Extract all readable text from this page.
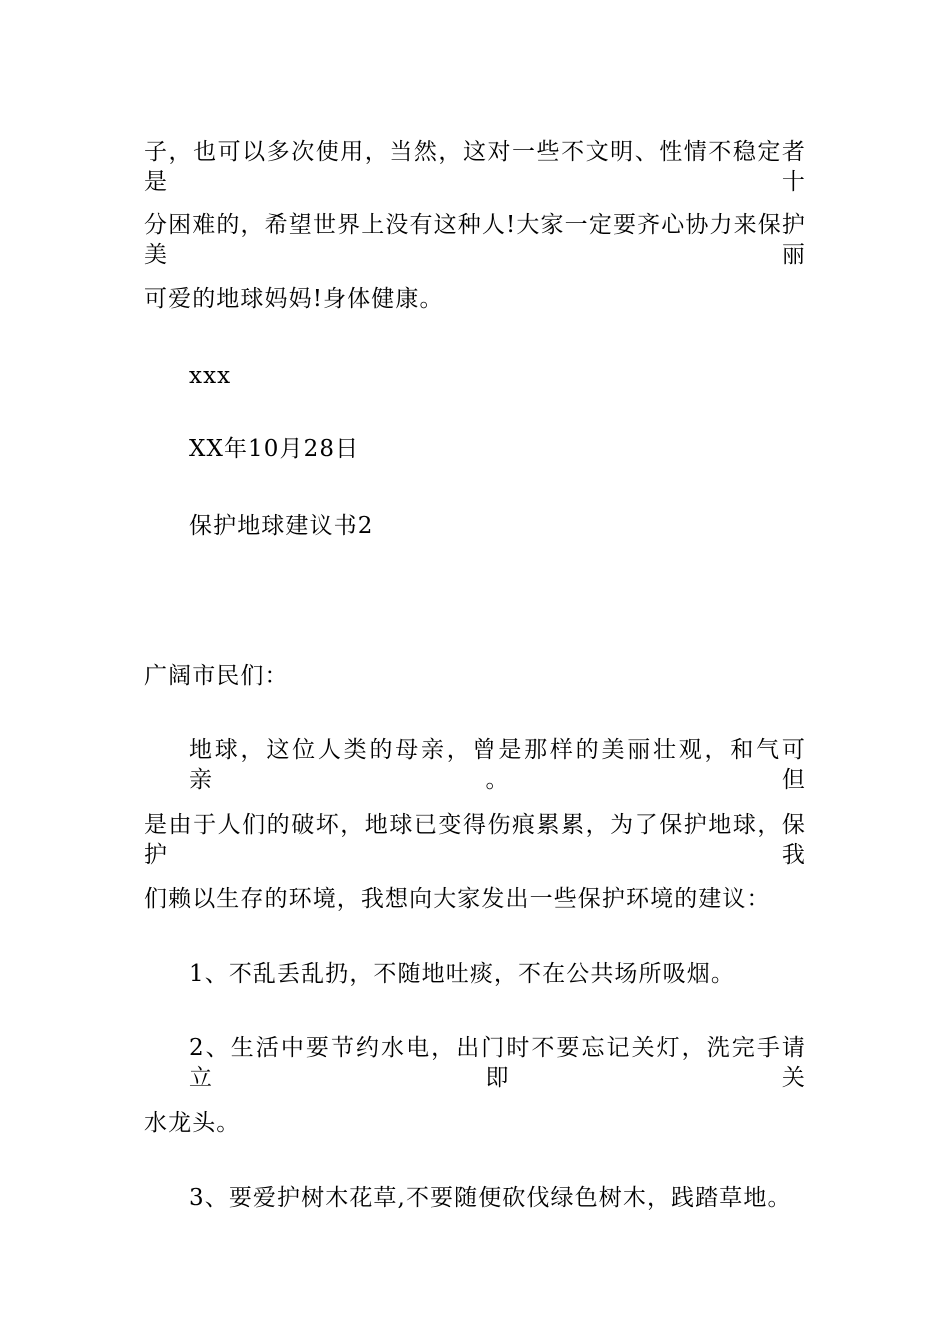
子，也可以多次使用，当然，这对一些不文明、性情不稳定者是十
分困难的，希望世界上没有这种人!大家一定要齐心协力来保护美丽
可爱的地球妈妈!身体健康。
xxx
XX年10月28日
保护地球建议书2
广阔市民们：
地球，这位人类的母亲，曾是那样的美丽壮观，和气可亲。但
是由于人们的破坏，地球已变得伤痕累累，为了保护地球，保护我
们赖以生存的环境，我想向大家发出一些保护环境的建议：
1、不乱丢乱扔，不随地吐痰，不在公共场所吸烟。
2、生活中要节约水电，出门时不要忘记关灯，洗完手请立即关
水龙头。
3、要爱护树木花草,不要随便砍伐绿色树木，践踏草地。
